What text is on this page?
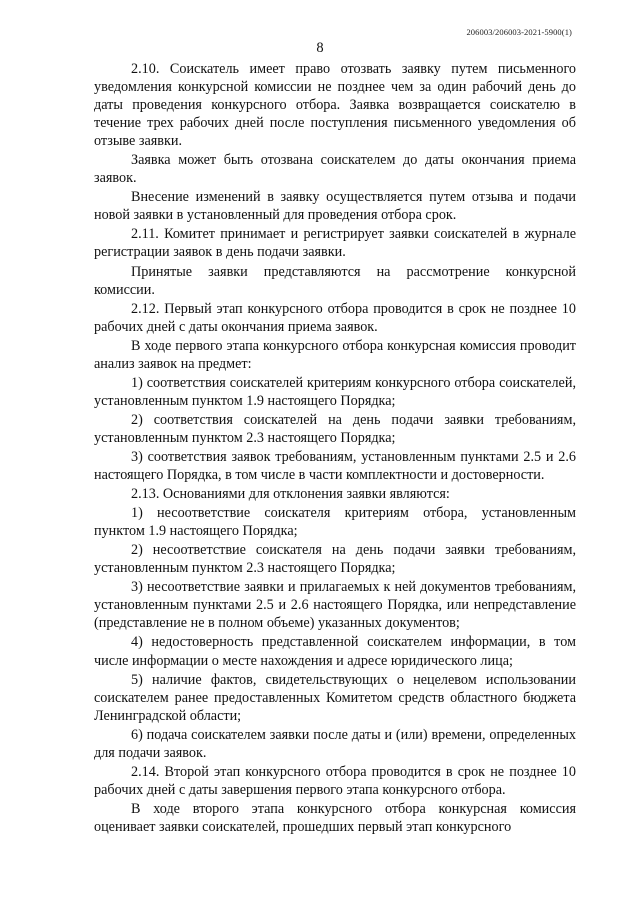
206003/206003-2021-5900(1)
8

2.10. Соискатель имеет право отозвать заявку путем письменного уведомления конкурсной комиссии не позднее чем за один рабочий день до даты проведения конкурсного отбора. Заявка возвращается соискателю в течение трех рабочих дней после поступления письменного уведомления об отзыве заявки.

Заявка может быть отозвана соискателем до даты окончания приема заявок.

Внесение изменений в заявку осуществляется путем отзыва и подачи новой заявки в установленный для проведения отбора срок.

2.11. Комитет принимает и регистрирует заявки соискателей в журнале регистрации заявок в день подачи заявки.

Принятые заявки представляются на рассмотрение конкурсной комиссии.

2.12. Первый этап конкурсного отбора проводится в срок не позднее 10 рабочих дней с даты окончания приема заявок.

В ходе первого этапа конкурсного отбора конкурсная комиссия проводит анализ заявок на предмет:

1) соответствия соискателей критериям конкурсного отбора соискателей, установленным пунктом 1.9 настоящего Порядка;

2) соответствия соискателей на день подачи заявки требованиям, установленным пунктом 2.3 настоящего Порядка;

3) соответствия заявок требованиям, установленным пунктами 2.5 и 2.6 настоящего Порядка, в том числе в части комплектности и достоверности.

2.13. Основаниями для отклонения заявки являются:

1) несоответствие соискателя критериям отбора, установленным пунктом 1.9 настоящего Порядка;

2) несоответствие соискателя на день подачи заявки требованиям, установленным пунктом 2.3 настоящего Порядка;

3) несоответствие заявки и прилагаемых к ней документов требованиям, установленным пунктами 2.5 и 2.6 настоящего Порядка, или непредставление (представление не в полном объеме) указанных документов;

4) недостоверность представленной соискателем информации, в том числе информации о месте нахождения и адресе юридического лица;

5) наличие фактов, свидетельствующих о нецелевом использовании соискателем ранее предоставленных Комитетом средств областного бюджета Ленинградской области;

6) подача соискателем заявки после даты и (или) времени, определенных для подачи заявок.

2.14. Второй этап конкурсного отбора проводится в срок не позднее 10 рабочих дней с даты завершения первого этапа конкурсного отбора.

В ходе второго этапа конкурсного отбора конкурсная комиссия оценивает заявки соискателей, прошедших первый этап конкурсного
